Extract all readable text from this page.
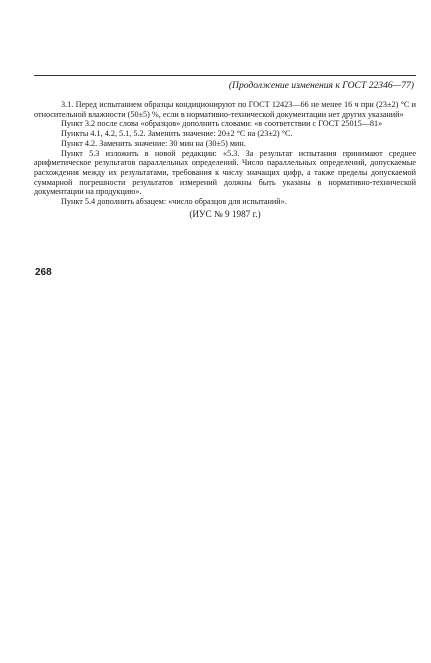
(Продолжение изменения к ГОСТ 22346—77)

3.1. Перед испытанием образцы кондиционируют по ГОСТ 12423—66 не менее 16 ч при (23±2) °С и относительной влажности (50±5) %, если в нормативно-технической документации нет других указаний»

Пункт 3.2 после слова «образцов» дополнить словами: «в соответствии с ГОСТ 25015—81»

Пункты 4.1, 4.2, 5.1, 5.2. Заменить значение: 20±2 °С на (23±2) °С.

Пункт 4.2. Заменить значение: 30 мин на (30±5) мин.

Пункт 5.3 изложить в новой редакции: «5.3. За результат испытания принимают среднее арифметическое результатов параллельных определений. Число параллельных определений, допускаемые расхождения между их результатами, требования к числу значащих цифр, а также пределы допускаемой суммарной погрешности результатов измерений должны быть указаны в нормативно-технической документации на продукцию».

Пункт 5.4 дополнить абзацем: «число образцов для испытаний».

(ИУС № 9 1987 г.)

268
